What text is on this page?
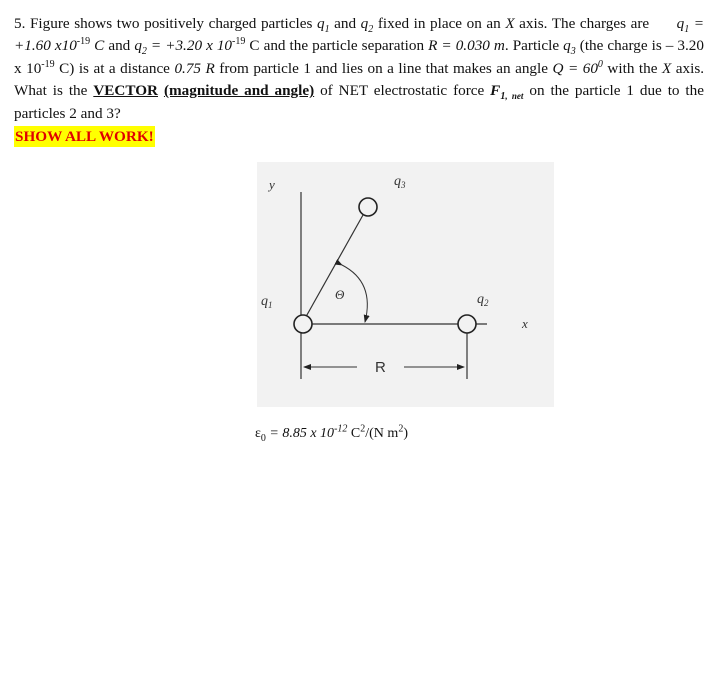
5. Figure shows two positively charged particles $q_1$ and $q_2$ fixed in place on an X axis. The charges are      $q_1 = +1.60$ $x10^{-19}$ C and $q_2 = +3.20$ x $10^{-19}$ C and the particle separation R = 0.030 m. Particle $q_3$ (the charge is – 3.20 x $10^{-19}$ C) is at a distance 0.75 R from particle 1 and lies on a line that makes an angle $Q = 60^0$ with the X axis. What is the VECTOR (magnitude and angle) of NET electrostatic force $F_{1, net}$ on the particle 1 due to the particles 2 and 3?

SHOW ALL WORK!
y
x
$q_1$	$q_2$
$q_3$
Θ
R
$\varepsilon_0 = 8.85$ x $10^{-12}$ $C^2/(N$ $m^2$)
